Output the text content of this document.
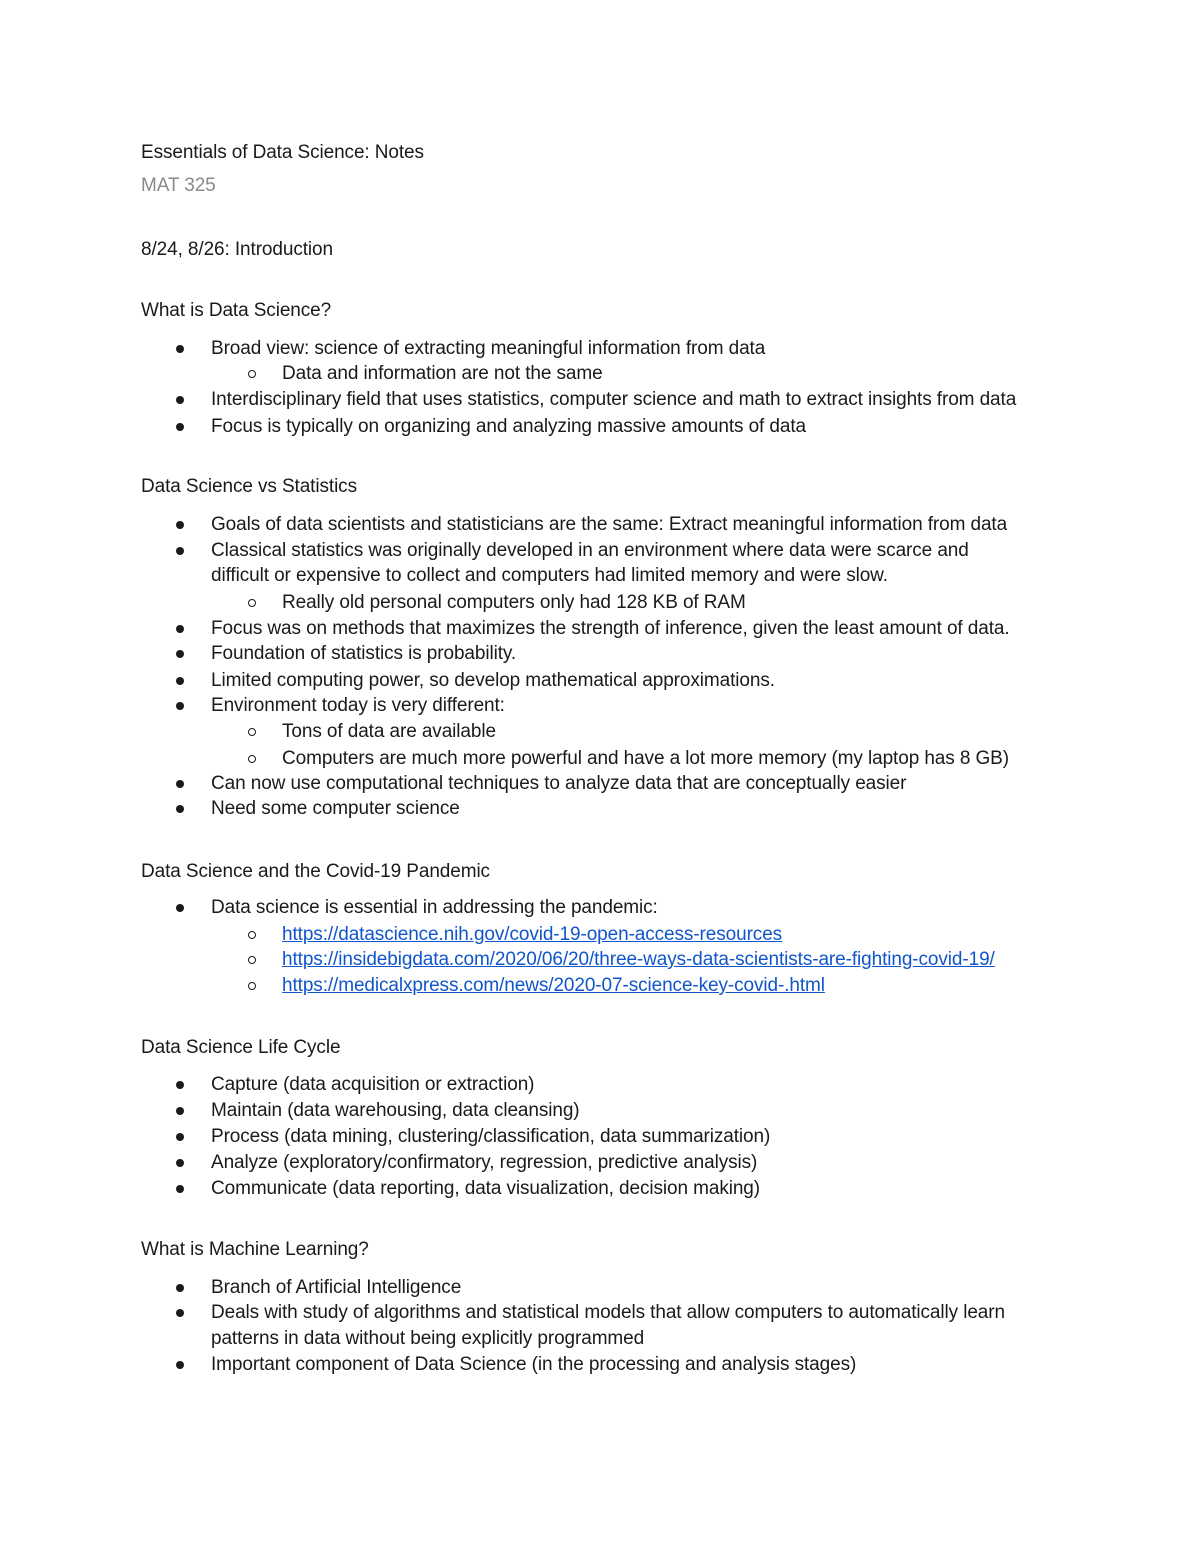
Essentials of Data Science: Notes
MAT 325
8/24, 8/26: Introduction
What is Data Science?
Broad view: science of extracting meaningful information from data
Data and information are not the same
Interdisciplinary field that uses statistics, computer science and math to extract insights from data
Focus is typically on organizing and analyzing massive amounts of data
Data Science vs Statistics
Goals of data scientists and statisticians are the same: Extract meaningful information from data
Classical statistics was originally developed in an environment where data were scarce and
difficult or expensive to collect and computers had limited memory and were slow.
Really old personal computers only had 128 KB of RAM
Focus was on methods that maximizes the strength of inference, given the least amount of data.
Foundation of statistics is probability.
Limited computing power, so develop mathematical approximations.
Environment today is very different:
Tons of data are available
Computers are much more powerful and have a lot more memory (my laptop has 8 GB)
Can now use computational techniques to analyze data that are conceptually easier
Need some computer science
Data Science and the Covid-19 Pandemic
Data science is essential in addressing the pandemic:
https://datascience.nih.gov/covid-19-open-access-resources
https://insidebigdata.com/2020/06/20/three-ways-data-scientists-are-fighting-covid-19/
https://medicalxpress.com/news/2020-07-science-key-covid-.html
Data Science Life Cycle
Capture (data acquisition or extraction)
Maintain (data warehousing, data cleansing)
Process (data mining, clustering/classification, data summarization)
Analyze (exploratory/confirmatory, regression, predictive analysis)
Communicate (data reporting, data visualization, decision making)
What is Machine Learning?
Branch of Artificial Intelligence
Deals with study of algorithms and statistical models that allow computers to automatically learn
patterns in data without being explicitly programmed
Important component of Data Science (in the processing and analysis stages)
